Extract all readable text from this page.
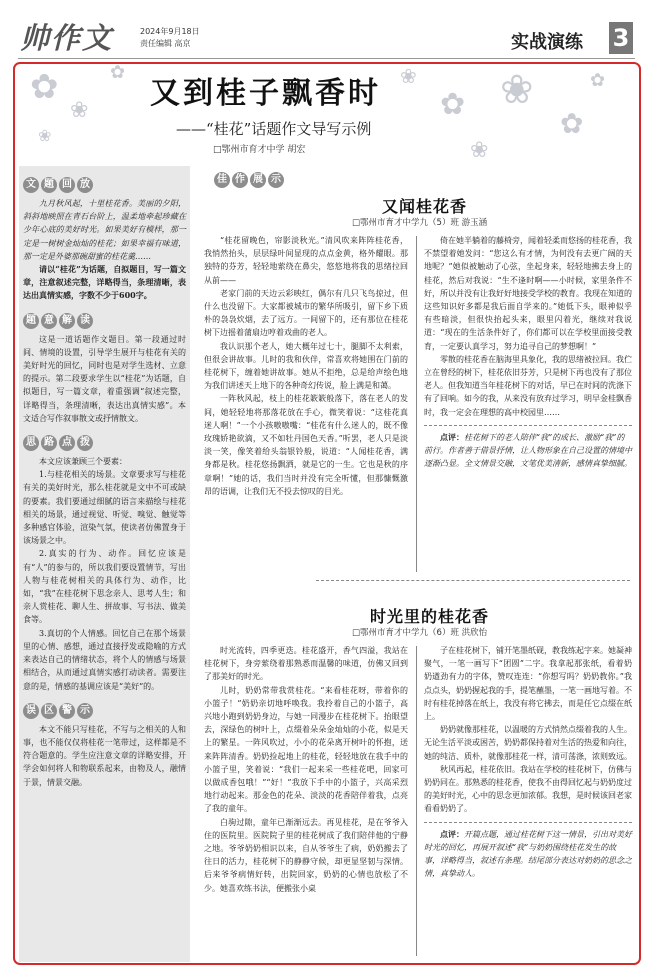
帅作文	2024年9月18日
责任编辑 高京	实战演练 3
✿
❀
✿
❀
❀
✿ ❀
✿
❀
✿
又到桂子飘香时
——“桂花”话题作文导写示例
□鄂州市育才中学 胡宏
文 题 回 放

九月秋风起，十里桂花香。美丽的夕阳，斜斜地映照在青石台阶上，温柔地牵起珍藏在少年心底的美好时光。如果美好有模样，那一定是一树树金灿灿的桂花；如果幸福有味道，那一定是外婆那碗甜蜜的桂花羹……

请以“桂花”为话题，自拟题目，写一篇文章，注意叙述完整，详略得当，条理清晰，表达出真情实感，字数不少于600字。

题 意 解 读

这是一道话题作文题目。第一段通过时间、情境的设置，引导学生展开与桂花有关的美好时光的回忆，同时也是对学生选材、立意的提示。第二段要求学生以“桂花”为话题，自拟题目，写一篇文章，着重强调“叙述完整，详略得当，条理清晰，表达出真情实感”。本文适合写作叙事散文或抒情散文。

思 路 点 拨

本文应该兼顾三个要素：

1.与桂花相关的场景。文章要求写与桂花有关的美好时光，那么桂花就是文中不可或缺的要素。我们要通过细腻的语言来描绘与桂花相关的场景，通过视觉、听觉、嗅觉、触觉等多种感官体验，渲染气氛，使读者仿佛置身于该场景之中。

2.真实的行为、动作。回忆应该是有“人”的参与的，所以我们要设置情节，写出人物与桂花树相关的具体行为、动作，比如，“我”在桂花树下思念亲人、思考人生；和亲人赏桂花、聊人生、拼故事、写书法、做美食等。

3.真切的个人情感。回忆自己在那个场景里的心情、感想，通过直接抒发或隐喻的方式来表达自己的情绪状态，将个人的情感与场景相结合，从而通过真情实感打动读者。需要注意的是，情感的基调应该是“美好”的。

误 区 警 示

本文不能只写桂花，不写与之相关的人和事，也不能仅仅将桂花一笔带过，这样都是不符合题意的。学生应注意文章的详略安排，开学会如何将人和物联系起来，由物及人，融情于景，情景交融。

佳 作 展 示
又闻桂花香
□鄂州市育才中学九（5）班 游玉涵

“桂花留晚色，帘影淡秋光。”清风吹来阵阵桂花香，我悄然抬头，层层绿叶间显现的点点金黄，格外耀眼。那独特的芬芳，轻轻地萦绕在鼻尖，悠悠地将我的思绪拉回从前——

老家门前的天边云彩映红，偶尔有几只飞鸟掠过，但什么也没留下。大家都被城市的繁华所吸引，留下乡下质朴的袅袅炊烟，去了远方。一间留下的，还有那位在桂花树下边摇着蒲扇边哼着戏曲的老人。

我认识那个老人，她大概年过七十，腿脚不太利索，但很会讲故事。儿时的我和伙伴，常喜欢将她围在门前的桂花树下，缠着她讲故事。她从不拒绝，总是给声绘色地为我们讲述天上地下的各种奇幻传说，脸上满是和蔼。

一阵秋风起，枝上的桂花簌簌般落下，落在老人的发间，她轻轻地将那落花放在手心，微笑着说：“这桂花真迷人啊！”一个小孩嗷嗷嘴：“桂花有什么迷人的，既不像玫瑰娇艳欲滴，又不如牡丹国色天香。”听罢，老人只是淡淡一笑，像笑着给头翁银铃般，说道：“人闻桂花香，满身都是秋。桂花悠扬飘洒，就是它的一生。它也是秋的序章啊！”她的话，我们当时并没有完全听懂，但那慷慨激昂的语调，让我们无不投去惊叹的目光。

倚在她半躺着的藤椅旁，闻着轻柔而悠扬的桂花香，我不禁望着她发问：“您这么有才情，为何没有去更广阔的天地呢？”她似被触动了心弦，坐起身来，轻轻地拂去身上的桂花，然后对我说：“生不逢时啊——小时候，家里条件不好，所以并没有让我好好地接受学校的教育。我现在知道的这些知识好多都是我后面自学来的。”她低下头，眼神似乎有些暗淡，但很快抬起头来，眼里闪着光，继续对我说道：“现在的生活条件好了，你们都可以在学校里面接受教育，一定要认真学习，努力追寻自己的梦想啊！”

零散的桂花香在脑海里具象化，我的思绪被拉回。我伫立在曾经的树下，桂花依旧芬芳，只是树下再也没有了那位老人。但我知道当年桂花树下的对话，早已在时间的洗涤下有了回响。如今的我，从来没有放弃过学习，明早金桂飘香时，我一定会在理想的高中校园里……

点评：桂花树下的老人陪伴“我”的成长、激励“我”的前行。作者善于借景抒情，让人物形象在自己设置的情境中逐渐凸显。全文情景交融，文笔优美清新，感情真挚细腻。

时光里的桂花香
□鄂州市育才中学九（6）班 洪欣怡

时光流转，四季更迭。桂花盛开，香气四溢，我站在桂花树下，身旁萦绕着那熟悉而温馨的味道，仿佛又回到了那美好的时光。

儿时，奶奶常带我赏桂花。“来看桂花呀，带着你的小篮子！”奶奶亲切地呼唤我。我拎着自己的小篮子，高兴地小跑到奶奶身边，与她一同漫步在桂花树下。抬眼望去，深绿色的树叶上，点缀着朵朵金灿灿的小花，似是天上的繁星。一阵风吹过，小小的花朵离开树叶的怀抱，送来阵阵清香。奶奶捡起地上的桂花，轻轻地放在我手中的小篮子里，笑着说：“我们一起来采一些桂花吧，回家可以做成香包哦！”“好！”我放下手中的小篮子，兴高采烈地行动起来。那金色的花朵、淡淡的花香陪伴着我，点亮了我的童年。

白驹过隙，童年已渐渐远去。再见桂花，是在爷爷入住的医院里。医院院子里的桂花树成了我们陪伴他的宁静之地。爷爷奶奶相识以来，自从爷爷生了病，奶奶搬去了往日的活力，桂花树下的静静守候，却更显坚韧与深情。后来爷爷病情好转，出院回家，奶奶的心情也放松了不少。她喜欢练书法，便搬张小桌

子在桂花树下，铺开笔墨纸砚，教我练起字来。她凝神聚气，一笔一画写下“团圆”二字。我拿起那张纸，看着奶奶遒劲有力的字体，赞叹连连：“你想写吗？奶奶教你。”我点点头，奶奶握起我的手，提笔蘸墨，一笔一画地写着。不时有桂花掉落在纸上，我没有将它拂去，而是任它点缀在纸上。

奶奶就像那桂花，以温暖的方式悄然点缀着我的人生。无论生活平淡或困苦，奶奶都保持着对生活的热爱和向往，她的纯洁、质朴，就像那桂花一样，清可荡涤，浓则致远。

秋风再起，桂花依旧。我站在学校的桂花树下，仿佛与奶奶同在。那熟悉的桂花香，使我不由得回忆起与奶奶度过的美好时光，心中的思念更加浓郁。我想，是时候该回老家看看奶奶了。

点评：开篇点题，通过桂花树下这一情景，引出对美好时光的回忆，再展开叙述“我”与奶奶围绕桂花发生的故事，详略得当，叙述有条理。结尾部分表达对奶奶的思念之情，真挚动人。
